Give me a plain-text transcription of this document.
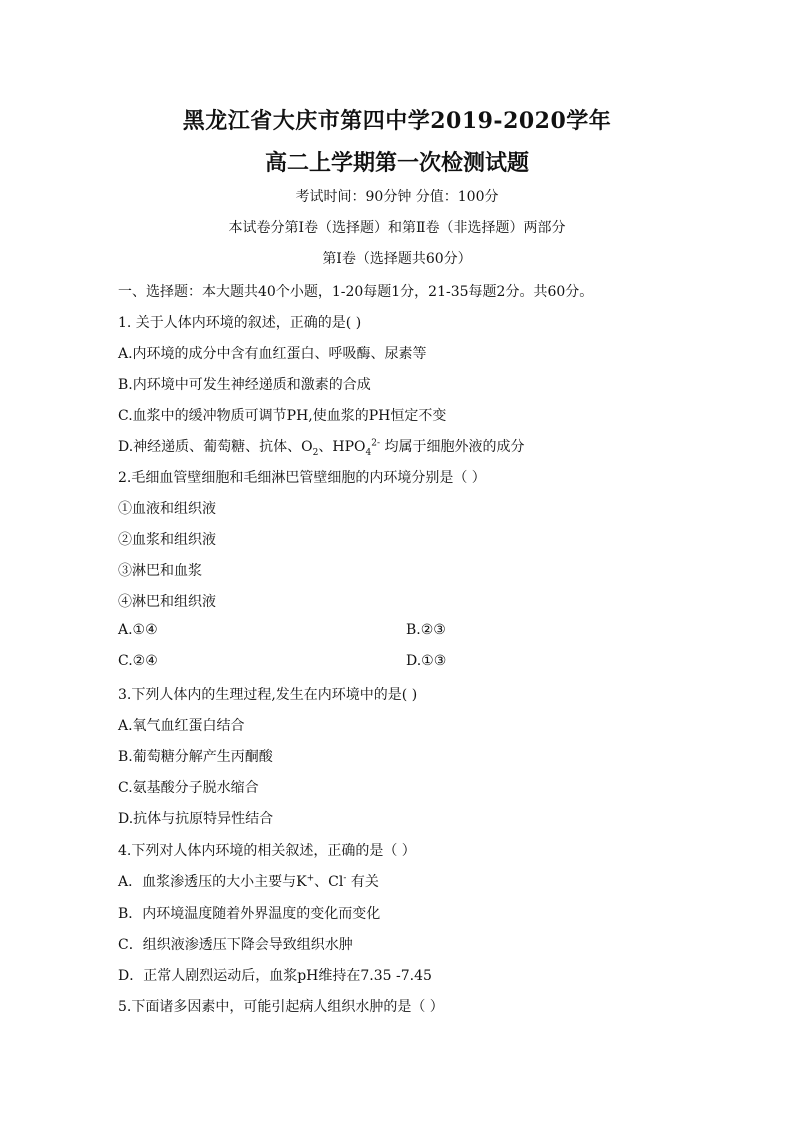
黑龙江省大庆市第四中学2019-2020学年
高二上学期第一次检测试题
考试时间：90分钟 分值：100分
本试卷分第Ⅰ卷（选择题）和第Ⅱ卷（非选择题）两部分
第Ⅰ卷（选择题共60分）
一、选择题：本大题共40个小题，1-20每题1分，21-35每题2分。共60分。
1. 关于人体内环境的叙述，正确的是( )
A.内环境的成分中含有血红蛋白、呼吸酶、尿素等
B.内环境中可发生神经递质和激素的合成
C.血浆中的缓冲物质可调节PH,使血浆的PH恒定不变
D.神经递质、葡萄糖、抗体、$O_2$、$HPO_4^{2-}$ 均属于细胞外液的成分
2.毛细血管壁细胞和毛细淋巴管壁细胞的内环境分别是（ ）
①血液和组织液
②血浆和组织液
③淋巴和血浆
④淋巴和组织液
A.①④	B.②③
C.②④	D.①③
3.下列人体内的生理过程,发生在内环境中的是( )
A.氧气血红蛋白结合
B.葡萄糖分解产生丙酮酸
C.氨基酸分子脱水缩合
D.抗体与抗原特异性结合
4.下列对人体内环境的相关叙述，正确的是（ ）
A．血浆渗透压的大小主要与K+、Cl- 有关
B．内环境温度随着外界温度的变化而变化
C．组织液渗透压下降会导致组织水肿
D．正常人剧烈运动后，血浆pH维持在7.35 -7.45
5.下面诸多因素中，可能引起病人组织水肿的是（ ）
